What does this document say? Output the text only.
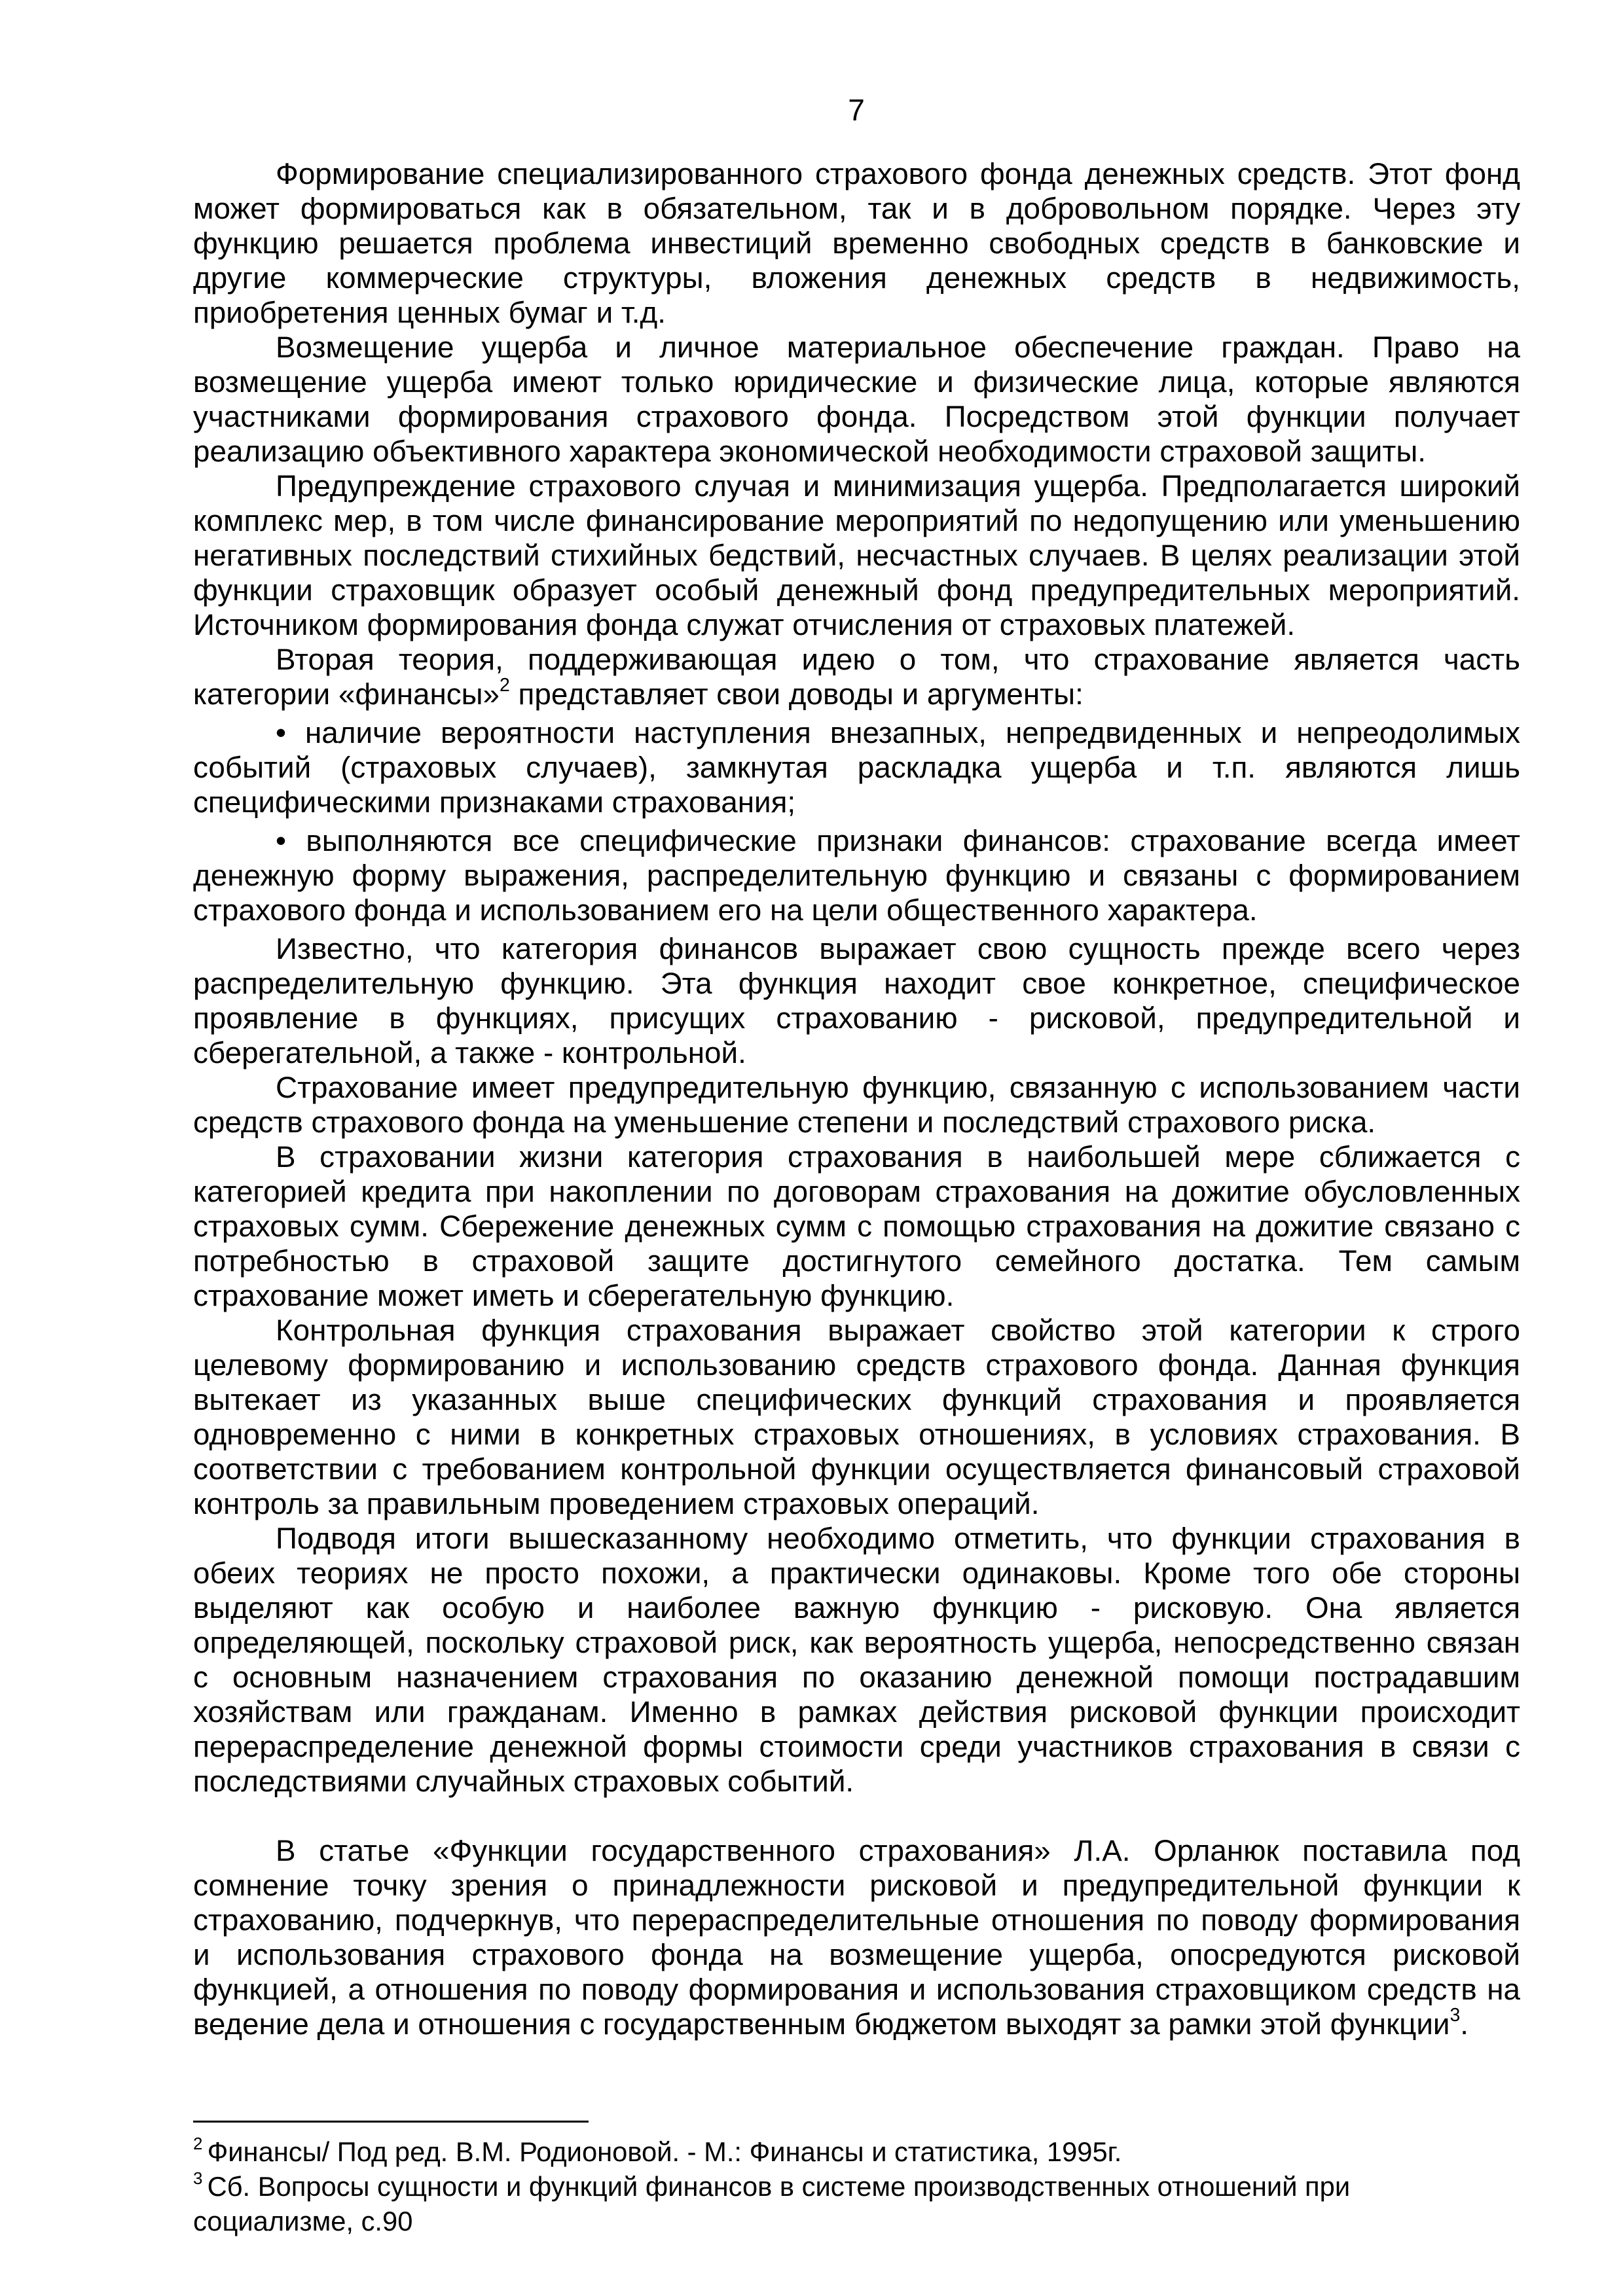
7
Формирование специализированного страхового фонда денежных средств. Этот фонд
может формироваться как в обязательном, так и в добровольном порядке. Через эту
функцию решается проблема инвестиций временно свободных средств в банковские и
другие коммерческие структуры, вложения денежных средств в недвижимость,
приобретения ценных бумаг и т.д.
Возмещение ущерба и личное материальное обеспечение граждан. Право на
возмещение ущерба имеют только юридические и физические лица, которые являются
участниками формирования страхового фонда. Посредством этой функции получает
реализацию объективного характера экономической необходимости страховой защиты.
Предупреждение страхового случая и минимизация ущерба. Предполагается широкий
комплекс мер, в том числе финансирование мероприятий по недопущению или уменьшению
негативных последствий стихийных бедствий, несчастных случаев. В целях реализации этой
функции страховщик образует особый денежный фонд предупредительных мероприятий.
Источником формирования фонда служат отчисления от страховых платежей.
Вторая теория, поддерживающая идею о том, что страхование является часть
категории «финансы»$^2$ представляет свои доводы и аргументы:
• наличие вероятности наступления внезапных, непредвиденных и непреодолимых
событий (страховых случаев), замкнутая раскладка ущерба и т.п. являются лишь
специфическими признаками страхования;
• выполняются все специфические признаки финансов: страхование всегда имеет
денежную форму выражения, распределительную функцию и связаны с формированием
страхового фонда и использованием его на цели общественного характера.
Известно, что категория финансов выражает свою сущность прежде всего через
распределительную функцию. Эта функция находит свое конкретное, специфическое
проявление в функциях, присущих страхованию - рисковой, предупредительной и
сберегательной, а также - контрольной.
Страхование имеет предупредительную функцию, связанную с использованием части
средств страхового фонда на уменьшение степени и последствий страхового риска.
В страховании жизни категория страхования в наибольшей мере сближается с
категорией кредита при накоплении по договорам страхования на дожитие обусловленных
страховых сумм. Сбережение денежных сумм с помощью страхования на дожитие связано с
потребностью в страховой защите достигнутого семейного достатка. Тем самым
страхование может иметь и сберегательную функцию.
Контрольная функция страхования выражает свойство этой категории к строго
целевому формированию и использованию средств страхового фонда. Данная функция
вытекает из указанных выше специфических функций страхования и проявляется
одновременно с ними в конкретных страховых отношениях, в условиях страхования. В
соответствии с требованием контрольной функции осуществляется финансовый страховой
контроль за правильным проведением страховых операций.
Подводя итоги вышесказанному необходимо отметить, что функции страхования в
обеих теориях не просто похожи, а практически одинаковы. Кроме того обе стороны
выделяют как особую и наиболее важную функцию - рисковую. Она является
определяющей, поскольку страховой риск, как вероятность ущерба, непосредственно связан
с основным назначением страхования по оказанию денежной помощи пострадавшим
хозяйствам или гражданам. Именно в рамках действия рисковой функции происходит
перераспределение денежной формы стоимости среди участников страхования в связи с
последствиями случайных страховых событий.
В статье «Функции государственного страхования» Л.А. Орланюк поставила под
сомнение точку зрения о принадлежности рисковой и предупредительной функции к
страхованию, подчеркнув, что перераспределительные отношения по поводу формирования
и использования страхового фонда на возмещение ущерба, опосредуются рисковой
функцией, а отношения по поводу формирования и использования страховщиком средств на
ведение дела и отношения с государственным бюджетом выходят за рамки этой функции$^3$.
$^2$ Финансы/ Под ред. В.М. Родионовой. - М.: Финансы и статистика, 1995г.
$^3$ Сб. Вопросы сущности и функций финансов в системе производственных отношений при
социализме, с.90
